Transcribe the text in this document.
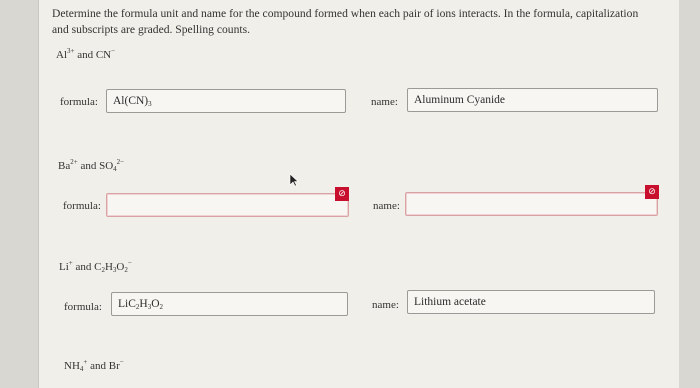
Determine the formula unit and name for the compound formed when each pair of ions interacts. In the formula, capitalization
and subscripts are graded. Spelling counts.
$Al^{3+}$ and CN−
formula:	$Al(CN)_3$	name:	Aluminum Cyanide
$Ba^{2+}$ and $SO_4^{2-}$
formula:
⊘
name:
⊘
Li+ and $C_2H_3O_2^-$
formula:	$LiC_2H_3O_2$	name:	Lithium acetate
$NH_4^+$ and Br−
